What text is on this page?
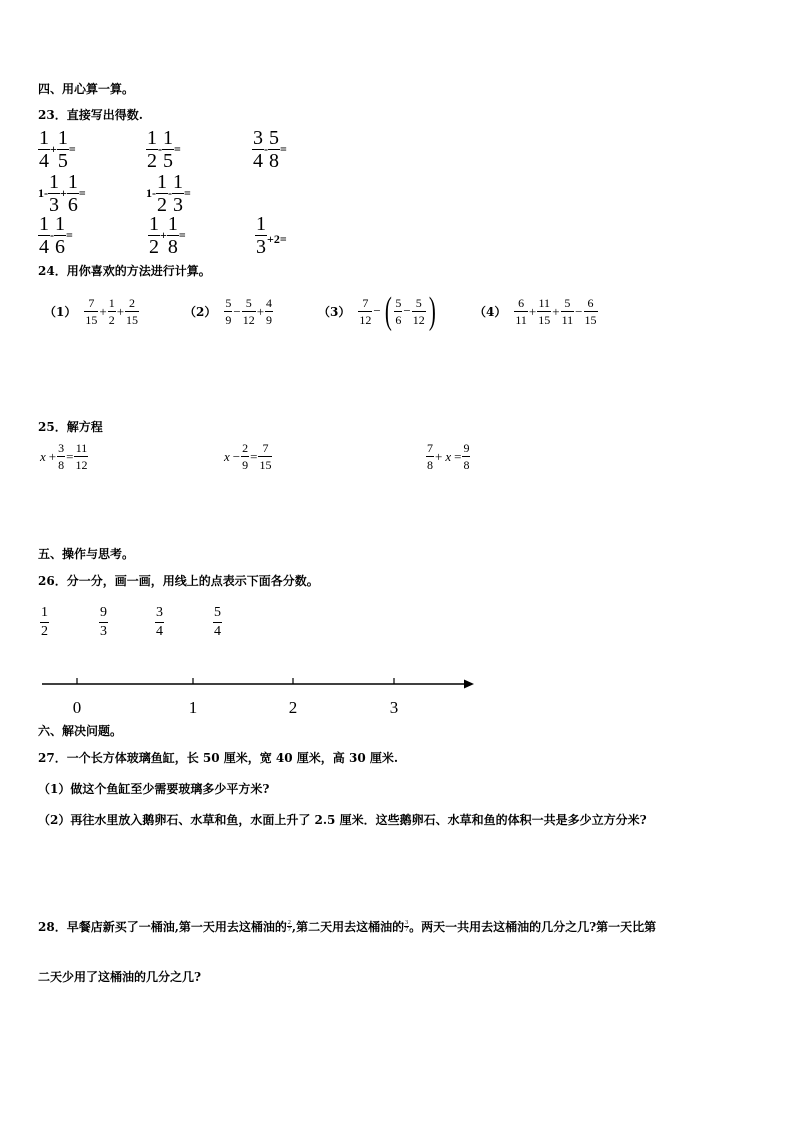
四、用心算一算。
23．直接写出得数.
$\frac{1}{4} + \frac{1}{5}$ =	$\frac{1}{2} - \frac{1}{5}$ =	$\frac{3}{4} - \frac{5}{8}$ =
$1- \frac{1}{3} + \frac{1}{6}$ =	$1- \frac{1}{2} - \frac{1}{3}$ =
$\frac{1}{4} - \frac{1}{6}$ =	$\frac{1}{2} + \frac{1}{8}$ =	$\frac{1}{3} +2=$
24．用你喜欢的方法进行计算。
$(1) \frac{7}{15} + \frac{1}{2} + \frac{2}{15}$	$(2) \frac{5}{9} - \frac{5}{12} + \frac{4}{9}$	$(3) \frac{7}{12}$ − ( $\frac{5}{6} - \frac{5}{12}$ )	$(4) \frac{6}{11} + \frac{11}{15} + \frac{5}{11} - \frac{6}{15}$
25．解方程
$x + \frac{3}{8} = \frac{11}{12}$	$x - \frac{2}{9} = \frac{7}{15}$	$\frac{7}{8} + x = \frac{9}{8}$
五、操作与思考。
26．分一分，画一画，用线上的点表示下面各分数。
$\frac{1}{2}$	$\frac{9}{3}$	$\frac{3}{4}$	$\frac{5}{4}$
0	1	2	3
六、解决问题。
27．一个长方体玻璃鱼缸，长 50 厘米，宽 40 厘米，高 30 厘米.
（1）做这个鱼缸至少需要玻璃多少平方米?
（2）再往水里放入鹅卵石、水草和鱼，水面上升了 2.5 厘米．这些鹅卵石、水草和鱼的体积一共是多少立方分米?
28．早餐店新买了一桶油,第一天用去这桶油的 $\frac{2}{7}$ ,第二天用去这桶油的 $\frac{3}{7}$ 。两天一共用去这桶油的几分之几?第一天比第
二天少用了这桶油的几分之几?
